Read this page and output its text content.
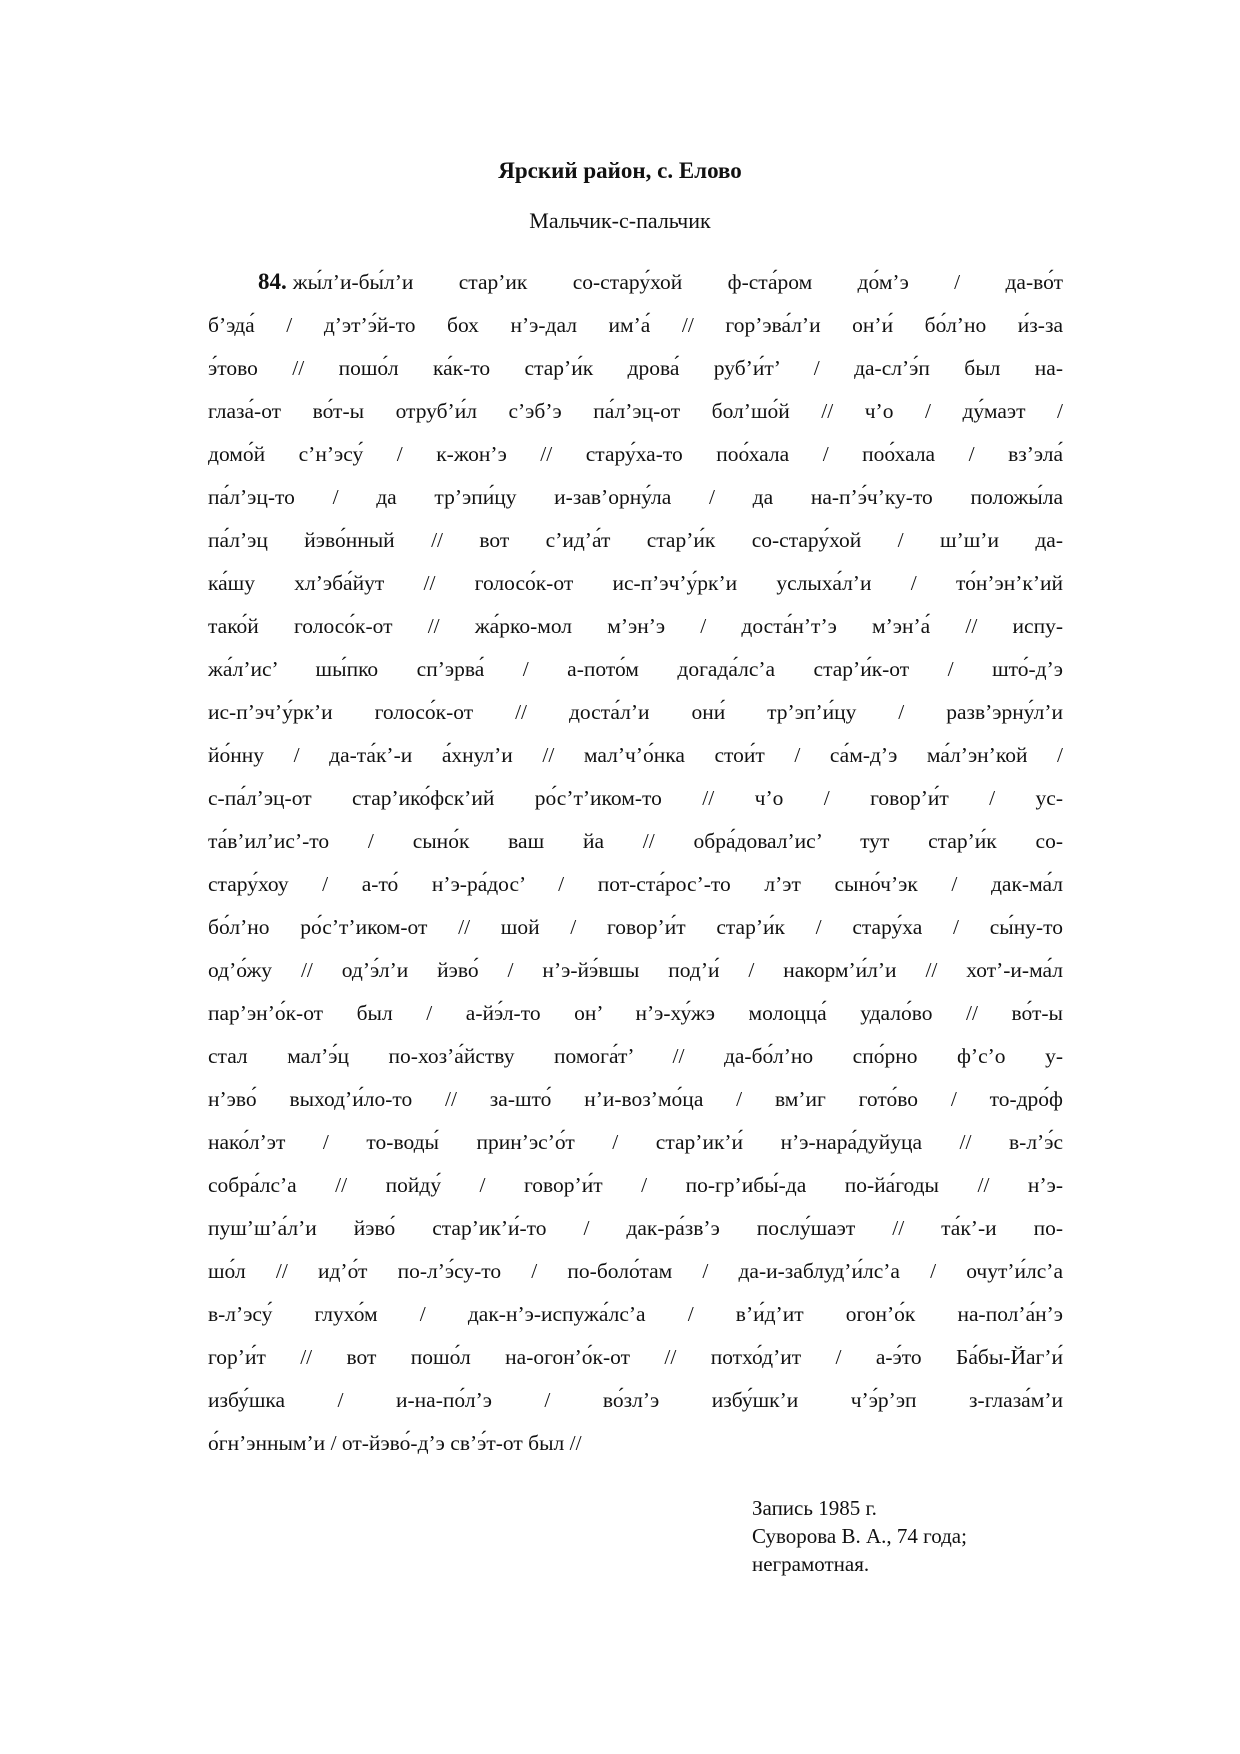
Ярский район, с. Елово
Мальчик-с-пальчик
84. жы́л’и-бы́л’и стар’ик со-стару́хой ф-ста́ром до́м’э / да-во́т
б’эда́ / д’эт’э́й-то бох н’э-дал им’а́ // гор’эва́л’и он’и́ бо́л’но и́з-за
э́тово // пошо́л ка́к-то стар’и́к дрова́ руб’и́т’ / да-сл’э́п был на-
глаза́-от во́т-ы отруб’и́л с’эб’э па́л’эц-от бол’шо́й // ч’о / ду́маэт /
домо́й с’н’эсу́ / к-жон’э // стару́ха-то поо́хала / поо́хала / вз’эла́
па́л’эц-то / да тр’эпи́цу и-зав’орну́ла / да на-п’э́ч’ку-то положы́ла
па́л’эц йэво́нный // вот с’ид’а́т стар’и́к со-стару́хой / ш’ш’и да-
ка́шу хл’эба́йут // голосо́к-от ис-п’эч’у́рк’и услыха́л’и / то́н’эн’к’ий
тако́й голосо́к-от // жа́рко-мол м’эн’э / доста́н’т’э м’эн’а́ // испу-
жа́л’ис’ шы́пко сп’эрва́ / а-пото́м догада́лс’а стар’и́к-от / што́-д’э
ис-п’эч’у́рк’и голосо́к-от // доста́л’и они́ тр’эп’и́цу / разв’эрну́л’и
йо́нну / да-та́к’-и а́хнул’и // мал’ч’о́нка стои́т / са́м-д’э ма́л’эн’кой /
с-па́л’эц-от стар’ико́фск’ий ро́с’т’иком-то // ч’о / говор’и́т / ус-
та́в’ил’ис’-то / сыно́к ваш йа // обра́довал’ис’ тут стар’и́к со-
стару́хоу / а-то́ н’э-ра́дос’ / пот-ста́рос’-то л’эт сыно́ч’эк / дак-ма́л
бо́л’но ро́с’т’иком-от // шой / говор’и́т стар’и́к / стару́ха / сы́ну-то
од’о́жу // од’э́л’и йэво́ / н’э-йэ́вшы под’и́ / накорм’и́л’и // хот’-и-ма́л
пар’эн’о́к-от был / а-йэ́л-то он’ н’э-ху́жэ молоцца́ удало́во // во́т-ы
стал мал’э́ц по-хоз’а́йству помога́т’ // да-бо́л’но спо́рно ф’с’о у-
н’эво́ выход’и́ло-то // за-што́ н’и-воз’мо́ца / вм’иг гото́во / то-дро́ф
нако́л’эт / то-воды́ прин’эс’о́т / стар’ик’и́ н’э-нара́дуйуца // в-л’э́с
собра́лс’а // пойду́ / говор’и́т / по-гр’ибы́-да по-йа́годы // н’э-
пуш’ш’а́л’и йэво́ стар’ик’и́-то / дак-ра́зв’э послу́шаэт // та́к’-и по-
шо́л // ид’о́т по-л’э́су-то / по-боло́там / да-и-заблуд’и́лс’а / очут’и́лс’а
в-л’эсу́ глухо́м / дак-н’э-испужа́лс’а / в’и́д’ит огон’о́к на-пол’а́н’э
гор’и́т // вот пошо́л на-огон’о́к-от // потхо́д’ит / а-э́то Ба́бы-Йаг’и́
избу́шка / и-на-по́л’э / во́зл’э избу́шк’и ч’э́р’эп з-глаза́м’и
о́гн’энным’и / от-йэво́-д’э св’э́т-от был //
Запись 1985 г.
Суворова В. А., 74 года;
неграмотная.
